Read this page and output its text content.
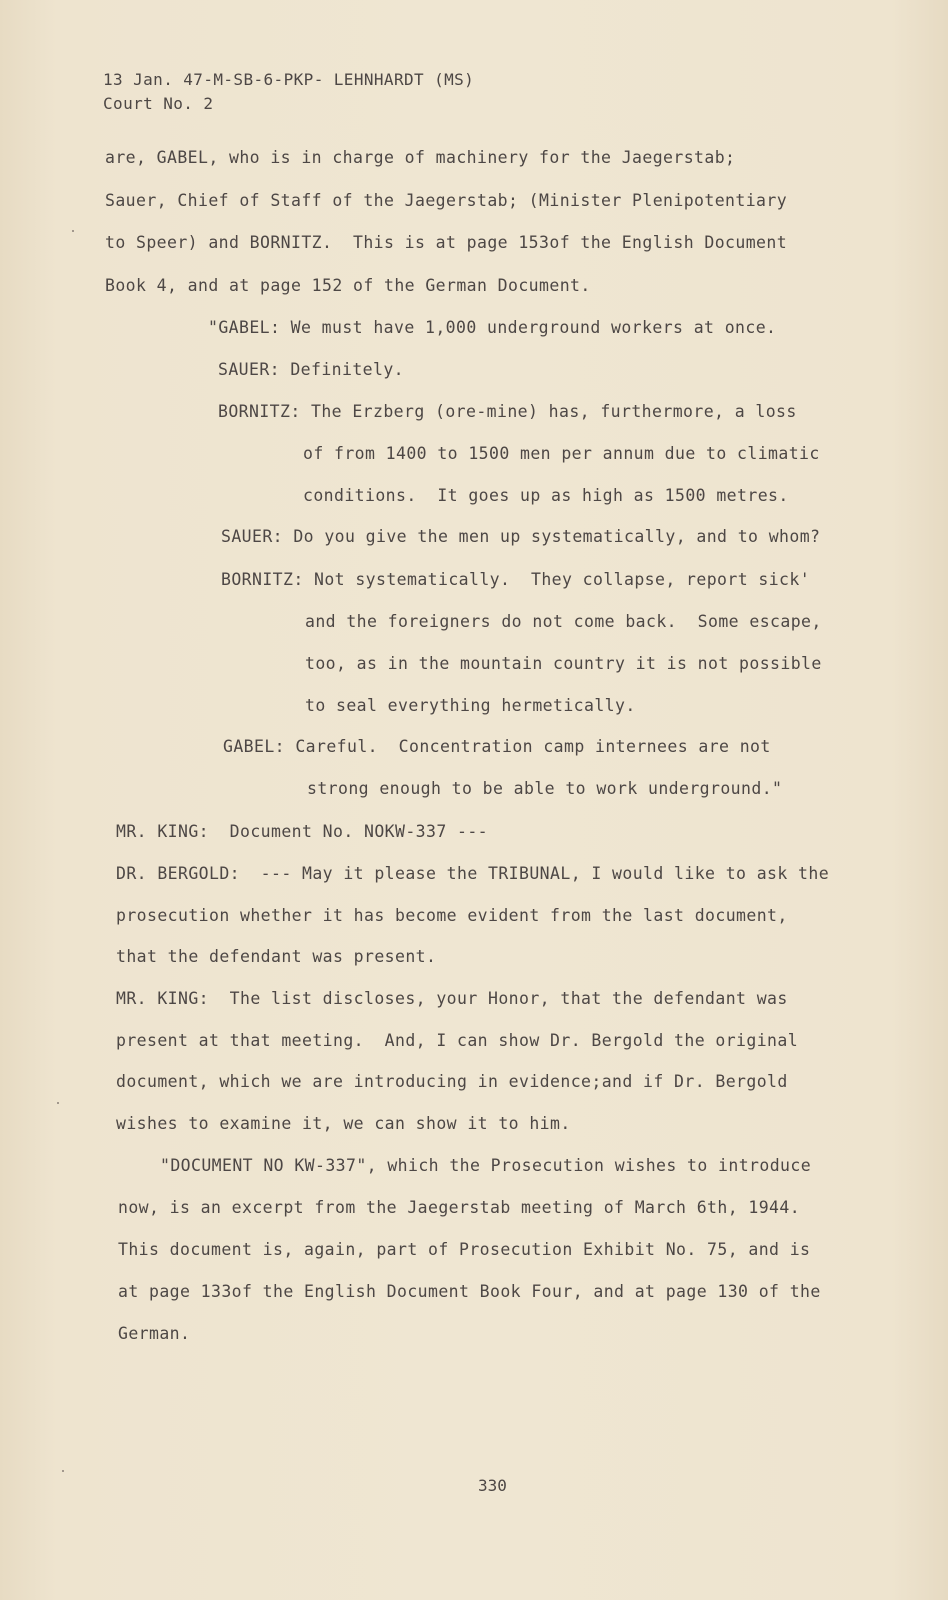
13 Jan. 47-M-SB-6-PKP- LEHNHARDT (MS)
Court No. 2
are, GABEL, who is in charge of machinery for the Jaegerstab;
Sauer, Chief of Staff of the Jaegerstab; (Minister Plenipotentiary
to Speer) and BORNITZ.  This is at page 153of the English Document
Book 4, and at page 152 of the German Document.
"GABEL: We must have 1,000 underground workers at once.
SAUER: Definitely.
BORNITZ: The Erzberg (ore-mine) has, furthermore, a loss
of from 1400 to 1500 men per annum due to climatic
conditions.  It goes up as high as 1500 metres.
SAUER: Do you give the men up systematically, and to whom?
BORNITZ: Not systematically.  They collapse, report sick'
and the foreigners do not come back.  Some escape,
too, as in the mountain country it is not possible
to seal everything hermetically.
GABEL: Careful.  Concentration camp internees are not
strong enough to be able to work underground."
MR. KING:  Document No. NOKW-337 ---
DR. BERGOLD:  --- May it please the TRIBUNAL, I would like to ask the
prosecution whether it has become evident from the last document,
that the defendant was present.
MR. KING:  The list discloses, your Honor, that the defendant was
present at that meeting.  And, I can show Dr. Bergold the original
document, which we are introducing in evidence;and if Dr. Bergold
wishes to examine it, we can show it to him.
"DOCUMENT NO KW-337", which the Prosecution wishes to introduce
now, is an excerpt from the Jaegerstab meeting of March 6th, 1944.
This document is, again, part of Prosecution Exhibit No. 75, and is
at page 133of the English Document Book Four, and at page 130 of the
German.
330
